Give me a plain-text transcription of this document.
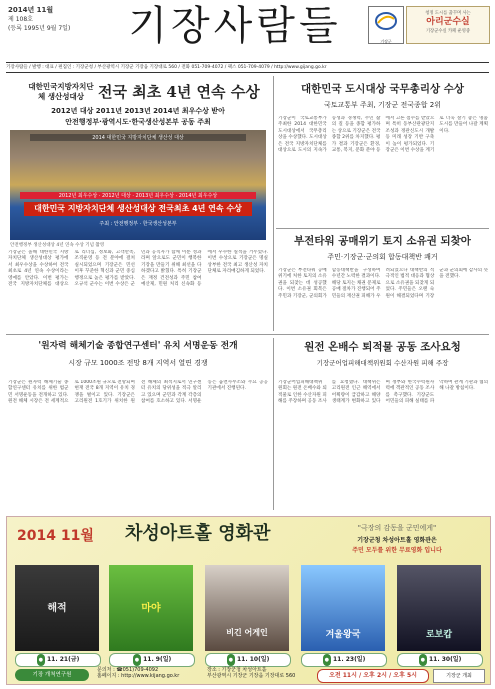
2014년 11월
제 108호
(등록 1995년 9월 7일)	기장사람들	기장군
청정 도시를 꿈꾸며 사는
아리군수실
기장군수실 카페 운영중
기장사람들 / 발행 : 대표 / 편집인 : 기장군청 / 부산광역시 기장군 기장읍 기장대로 560 / 전화 051-709-4072 / 팩스 051-709-4079 / http://www.gijang.go.kr
대한민국지방자치단체 생산성대상 전국 최초 4년 연속 수상
2012년 대상 2011년 2013년 2014년 최우수상 받아
안전행정부·광역시도·한국생산성본부 공동 주최
2014 대한민국 지방자치단체 생산성 대상
2012년 최우수상 · 2012년 대상 · 2013년 최우수상 · 2014년 최우수상
대한민국 지방자치단체 생산성대상 전국최초 4년 연속 수상
주최 : 안전행정부 · 한국생산성본부
안전행정부 생산성대상 4년 연속 수상 기념 촬영
기장군은 올해 대한민국 지방자치단체 생산성대상 평가에서 최우수상을 수상하여 전국 최초로 4년 연속 수상이라는 영예를 안았다. 이번 평가는 전국 지방자치단체를 대상으로 리더십, 정보화, 고객만족, 조직운영 등 전 분야에 걸쳐 실시되었으며 기장군은 민선 이후 꾸준한 혁신과 군민 중심 행정으로 높은 평가를 받았다. 오규석 군수는 이번 수상은 군민과 공직자가 함께 이룬 성과라며 앞으로도 군민이 행복한 기장을 만들기 위해 최선을 다하겠다고 밝혔다. 특히 기장군은 재정 건전성과 주민 참여 예산제, 민원 처리 신속화 등에서 우수한 실적을 거두었다. 이번 수상으로 기장군은 명실상부한 전국 최고 생산성 자치단체로 자리매김하게 되었다.
대한민국 도시대상 국무총리상 수상
국토교통부 주최, 기장군 전국종합 2위
기장군이 국토교통부가 주최한 2014 대한민국 도시대상에서 국무총리상을 수상했다. 도시대상은 전국 지방자치단체를 대상으로 도시의 지속가능성과 경쟁력, 주민 삶의 질 등을 종합 평가하는 상으로 기장군은 전국 종합 2위를 차지했다. 평가 결과 기장군은 환경, 교통, 복지, 문화 분야 등에서 고른 점수를 받았으며 특히 동부산관광단지 조성과 정관신도시 개발 등 미래 성장 기반 구축이 높이 평가되었다. 기장군은 이번 수상을 계기로 더욱 살기 좋은 명품 도시를 만들어 나갈 계획이다.
부전타워 공매위기 토지 소유권 되찾아
주민·기장군·군의회 합동대책반 쾌거
기장군은 부전타워 공매 위기에 처한 토지의 소유권을 되찾는 데 성공했다. 이번 소유권 회복은 주민과 기장군, 군의회가 합동대책반을 구성하여 수년간 노력한 결과이다. 해당 토지는 채권 문제로 공매 절차가 진행되어 주민들의 재산권 피해가 우려되었으나 대책반의 적극적인 법적 대응과 협상으로 소유권을 되찾게 되었다. 주민들은 오랜 숙원이 해결되었다며 기장군과 군의회에 감사의 뜻을 전했다.
'원자력 해체기술 종합연구센터' 유치 서명운동 전개
시장 규모 1000조 전망 8개 지역서 열띤 경쟁
기장군은 원자력 해체기술 종합연구센터 유치를 위한 범군민 서명운동을 전개하고 있다. 원전 해체 시장은 전 세계적으로 1000조원 규모로 전망되며 현재 전국 8개 지역이 유치 경쟁을 벌이고 있다. 기장군은 고리원전 1호기가 위치한 원전 해체의 최적지로서 연구센터 유치의 당위성을 적극 알리고 있으며 군민과 각계 각층의 참여를 호소하고 있다. 서명운동은 읍면사무소와 주요 공공기관에서 진행된다.
원전 온배수 퇴적물 공동 조사요청
기장군어업피해대책위원회 수산자원 피해 주장
기장군어업피해대책위원회는 원전 온배수와 퇴적물로 인한 수산자원 피해를 주장하며 공동 조사를 요청했다. 대책위는 고리원전 인근 해역에서 어획량이 급감하고 해양 생태계가 변화하고 있다며 정부와 한국수력원자력에 객관적인 공동 조사를 촉구했다. 기장군도 어민들의 피해 실태를 파악하여 관계 기관과 협의해 나갈 방침이다.
2014 11월	차성아트홀 영화관	"극장의 감동을 군민에게"
기장군청 차성아트홀 영화관은
주민 모두를 위한 무료영화 입니다
해적	마야
비긴 어게인	겨울왕국	로보캅
● 11. 21(금)	● 11. 9(일)	● 11. 10(일)	● 11. 23(일)	● 11. 30(일)
기장 개척연구원
문의처 : ☎051)709-4092
홈페이지 : http://www.kijang.go.kr
장소 : 기장군청 차성아트홀
부산광역시 기장군 기장읍 기장대로 560	오전 11시 / 오후 2시 / 오후 5시	기장군 개최
